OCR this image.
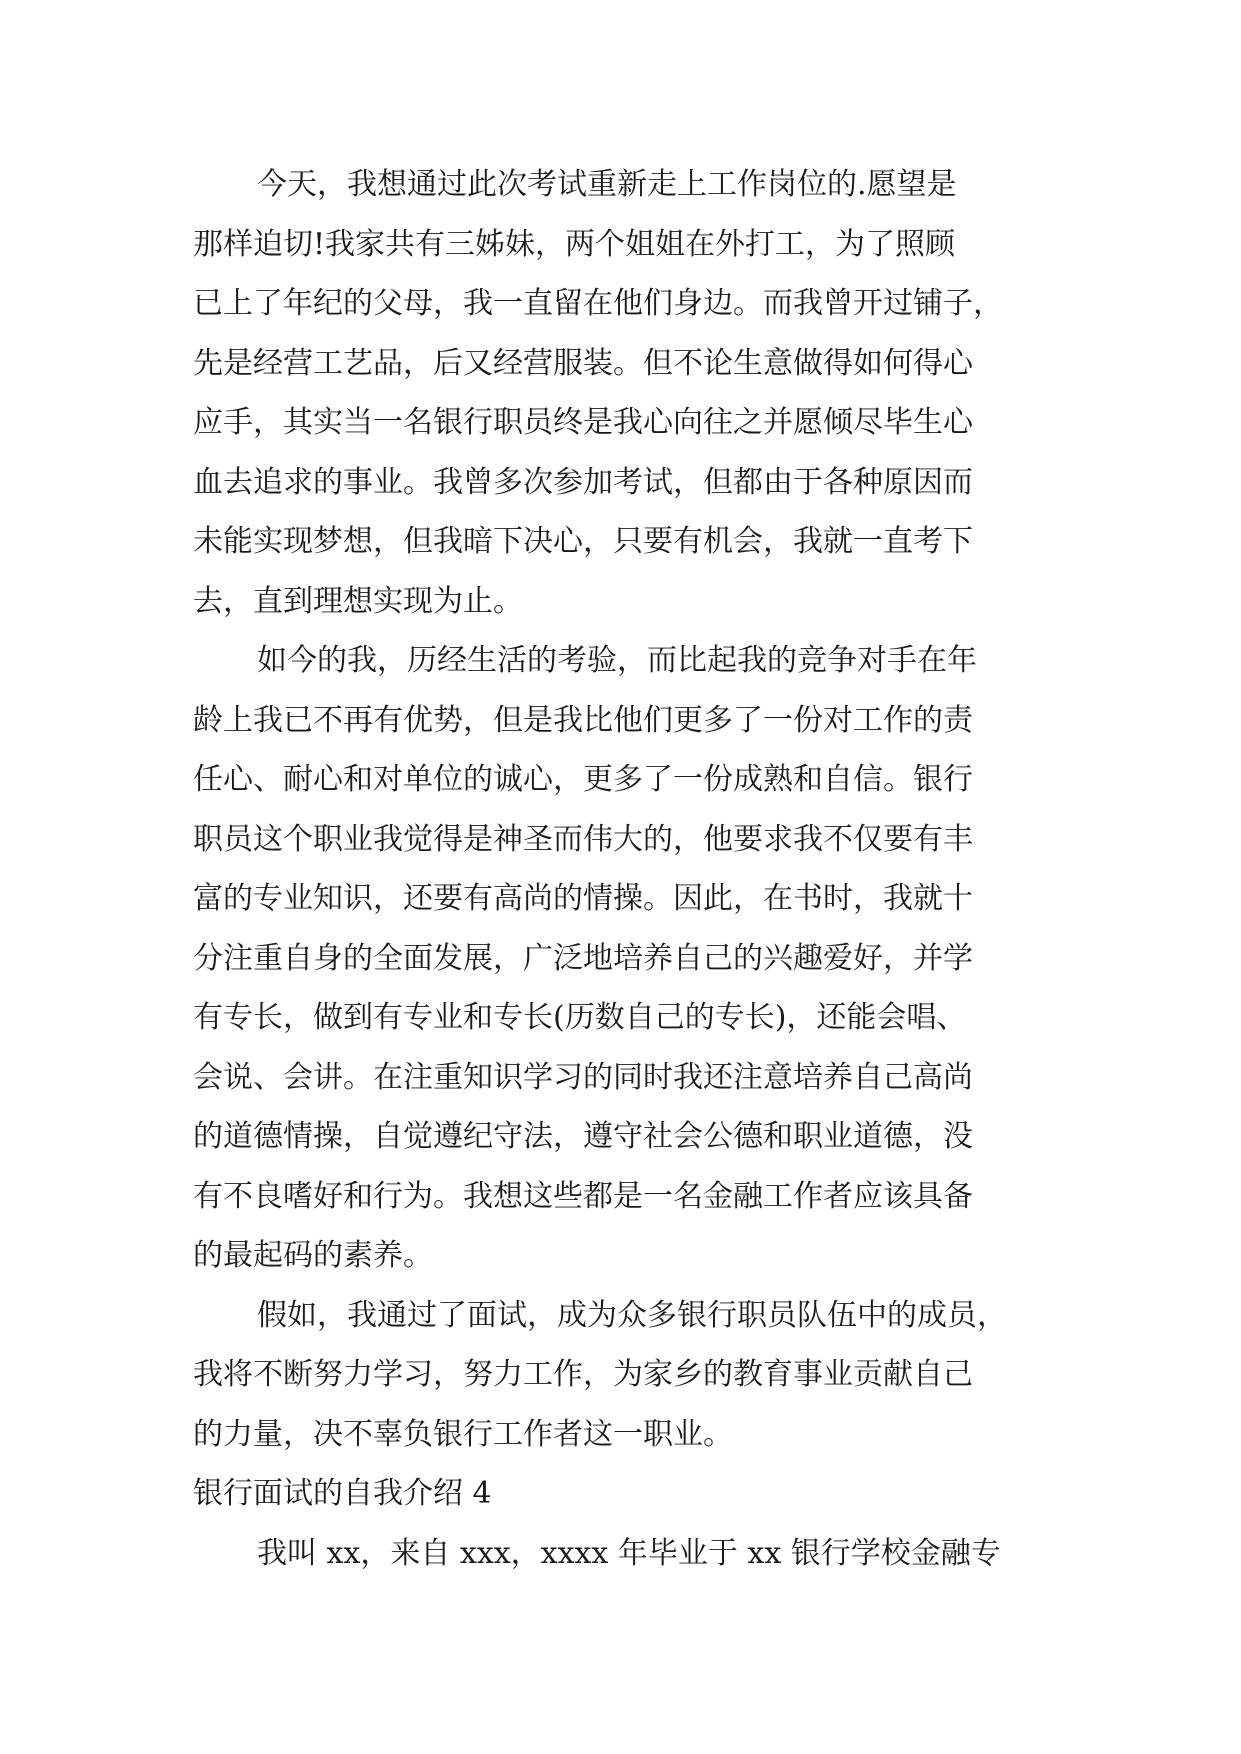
今天，我想通过此次考试重新走上工作岗位的.愿望是
那样迫切!我家共有三姊妹，两个姐姐在外打工，为了照顾
已上了年纪的父母，我一直留在他们身边。而我曾开过铺子，
先是经营工艺品，后又经营服装。但不论生意做得如何得心
应手，其实当一名银行职员终是我心向往之并愿倾尽毕生心
血去追求的事业。我曾多次参加考试，但都由于各种原因而
未能实现梦想，但我暗下决心，只要有机会，我就一直考下
去，直到理想实现为止。
如今的我，历经生活的考验，而比起我的竞争对手在年
龄上我已不再有优势，但是我比他们更多了一份对工作的责
任心、耐心和对单位的诚心，更多了一份成熟和自信。银行
职员这个职业我觉得是神圣而伟大的，他要求我不仅要有丰
富的专业知识，还要有高尚的情操。因此，在书时，我就十
分注重自身的全面发展，广泛地培养自己的兴趣爱好，并学
有专长，做到有专业和专长(历数自己的专长)，还能会唱、
会说、会讲。在注重知识学习的同时我还注意培养自己高尚
的道德情操，自觉遵纪守法，遵守社会公德和职业道德，没
有不良嗜好和行为。我想这些都是一名金融工作者应该具备
的最起码的素养。
假如，我通过了面试，成为众多银行职员队伍中的成员，
我将不断努力学习，努力工作，为家乡的教育事业贡献自己
的力量，决不辜负银行工作者这一职业。
银行面试的自我介绍 4
我叫 xx，来自 xxx，xxxx 年毕业于 xx 银行学校金融专
